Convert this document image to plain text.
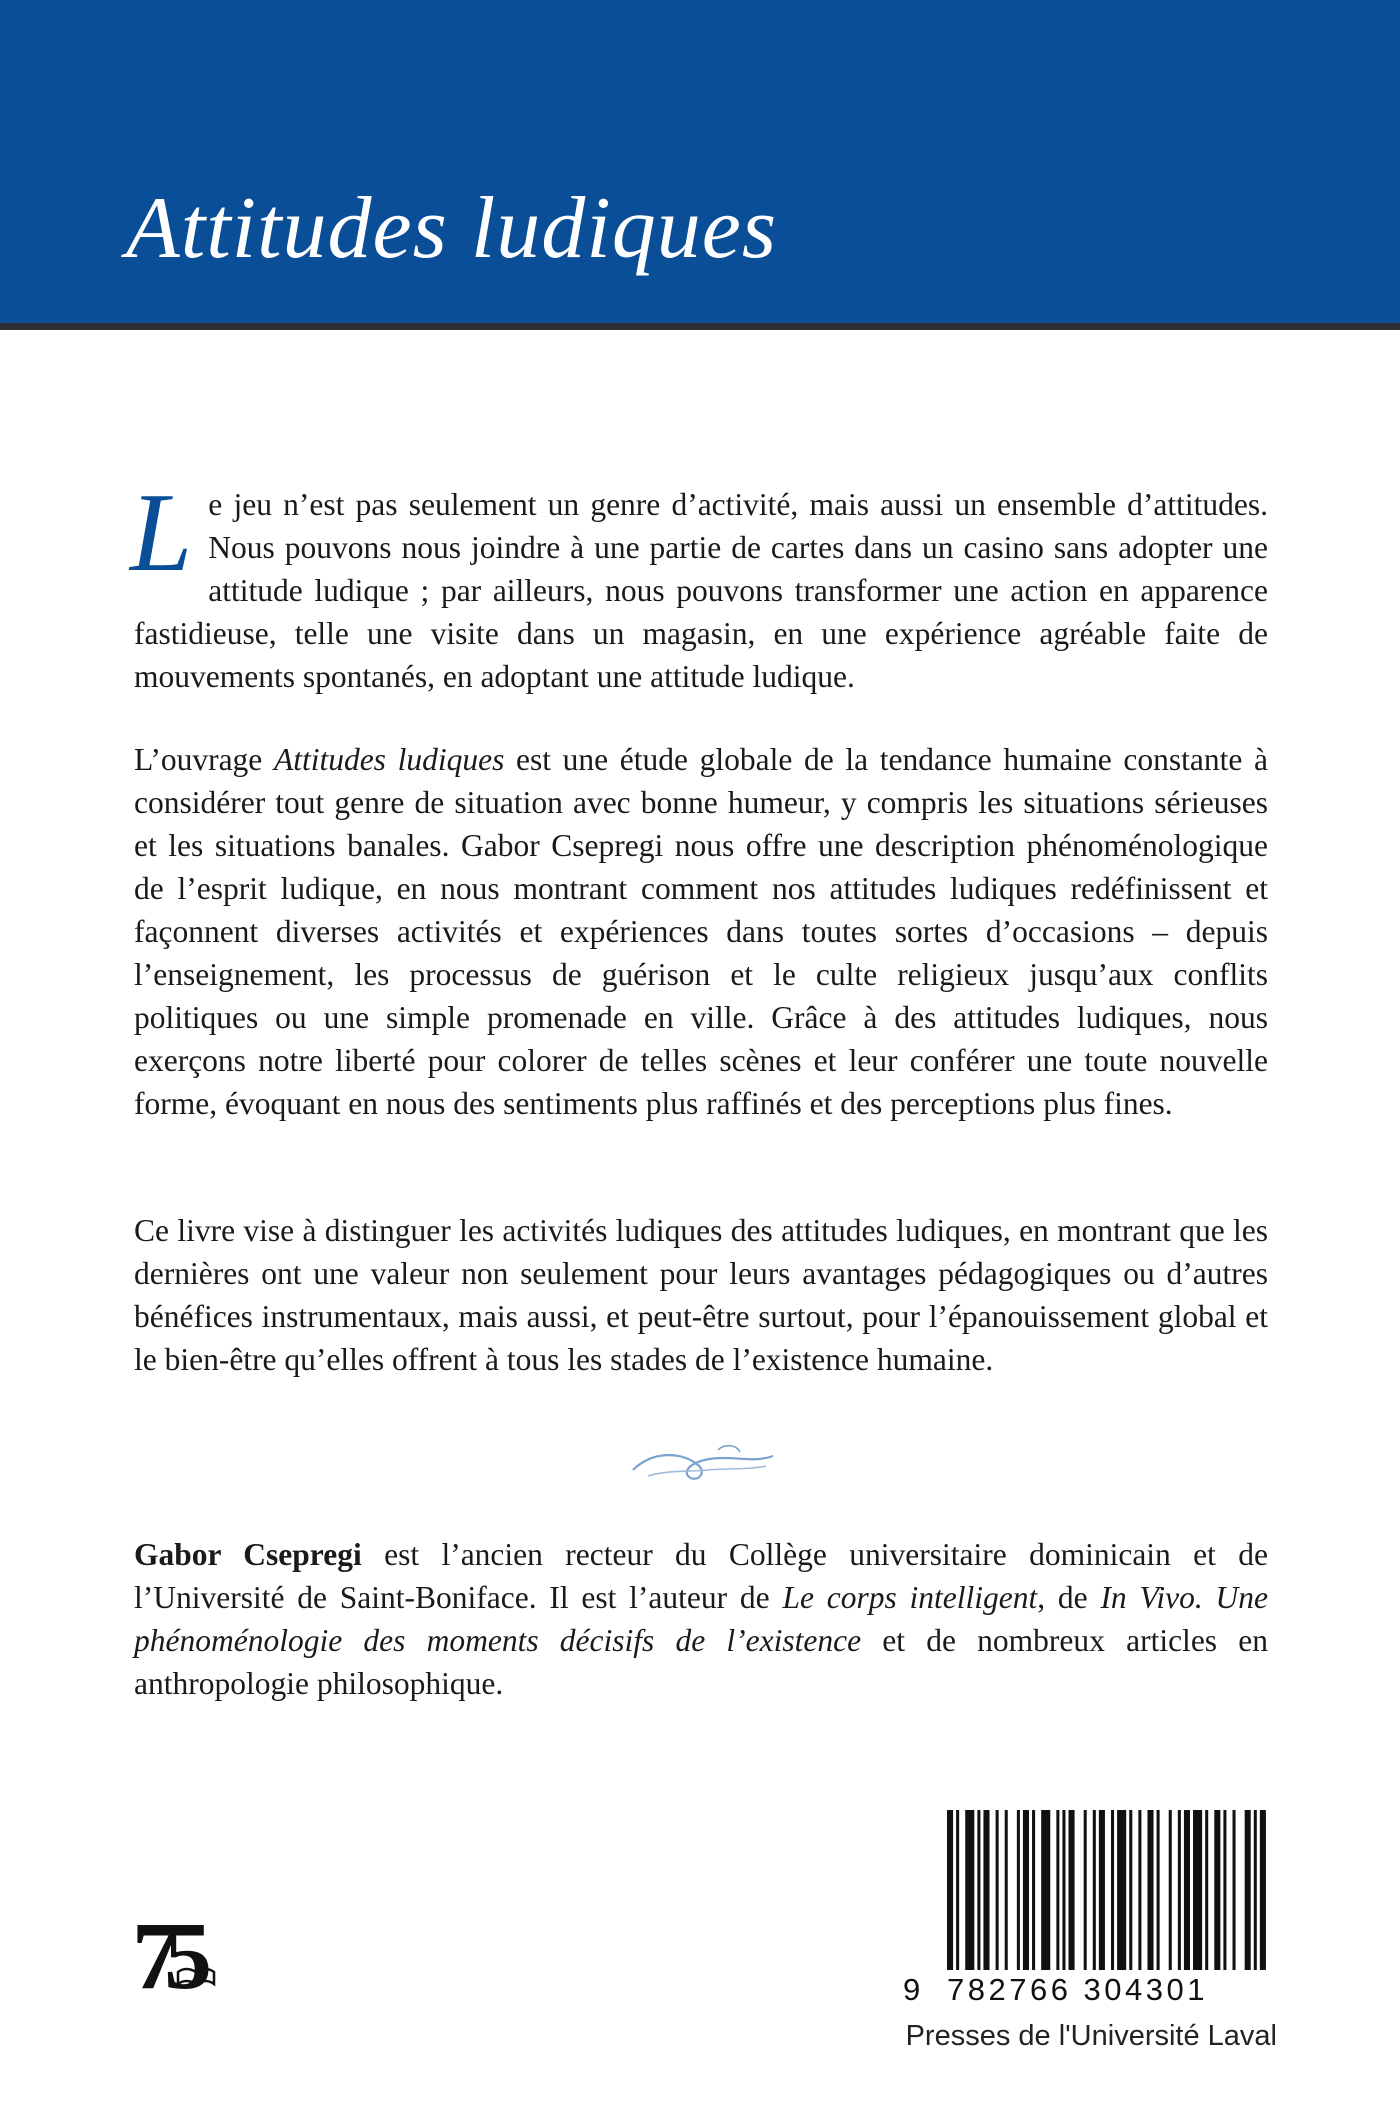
Attitudes ludiques

Le jeu n’est pas seulement un genre d’activité, mais aussi un ensemble d’attitudes. Nous pouvons nous joindre à une partie de cartes dans un casino sans adopter une attitude ludique ; par ailleurs, nous pouvons transformer une action en apparence fastidieuse, telle une visite dans un magasin, en une expérience agréable faite de mouvements spontanés, en adoptant une attitude ludique.

L’ouvrage Attitudes ludiques est une étude globale de la tendance humaine constante à considérer tout genre de situation avec bonne humeur, y compris les situations sérieuses et les situations banales. Gabor Csepregi nous offre une description phénoménologique de l’esprit ludique, en nous montrant comment nos attitudes ludiques redéfinissent et façonnent diverses activités et expériences dans toutes sortes d’occasions – depuis l’enseignement, les processus de guérison et le culte religieux jusqu’aux conflits politiques ou une simple promenade en ville. Grâce à des attitudes ludiques, nous exerçons notre liberté pour colorer de telles scènes et leur conférer une toute nouvelle forme, évoquant en nous des sentiments plus raffinés et des perceptions plus fines.

Ce livre vise à distinguer les activités ludiques des attitudes ludiques, en montrant que les dernières ont une valeur non seulement pour leurs avantages pédagogiques ou d’autres bénéfices instrumentaux, mais aussi, et peut-être surtout, pour l’épanouissement global et le bien-être qu’elles offrent à tous les stades de l’existence humaine.

Gabor Csepregi est l’ancien recteur du Collège universitaire dominicain et de l’Université de Saint-Boniface. Il est l’auteur de Le corps intelligent, de In Vivo. Une phénoménologie des moments décisifs de l’existence et de nombreux articles en anthropologie philosophique.

75	9 782766 304301
Presses de l'Université Laval
